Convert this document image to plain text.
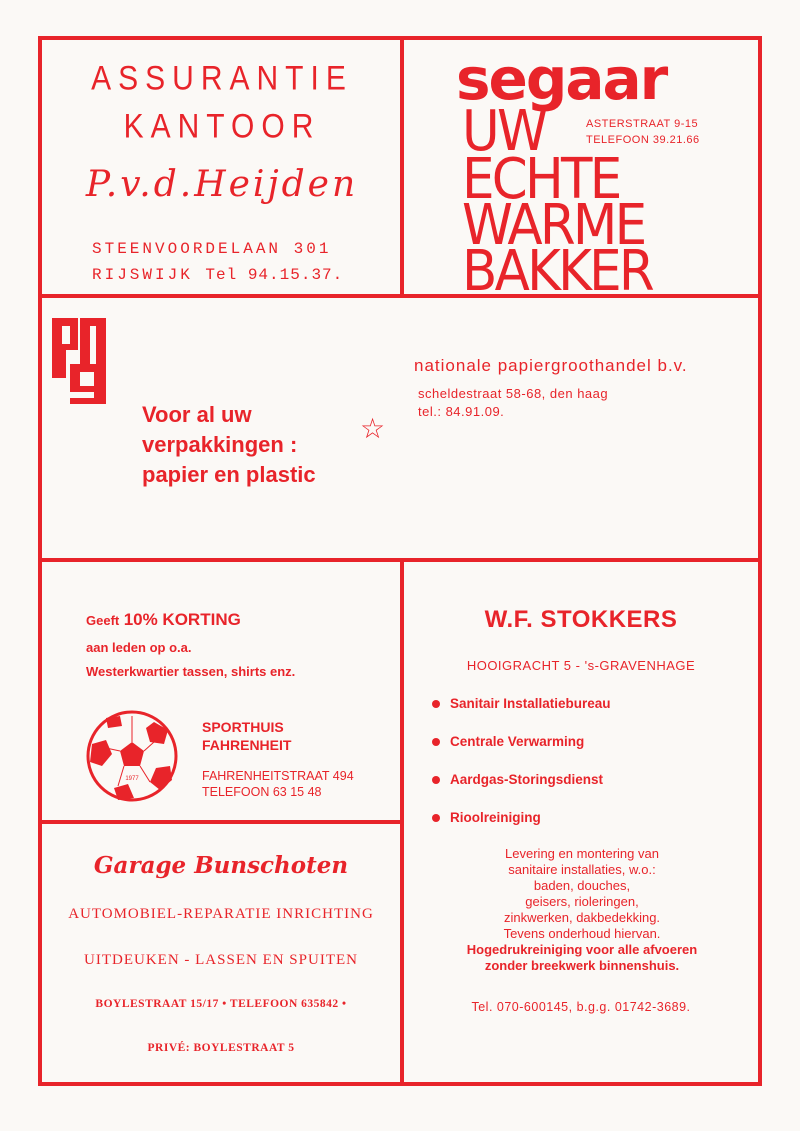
ASSURANTIE
KANTOOR
P.v.d.Heijden
STEENVOORDELAAN 301
RIJSWIJK Tel 94.15.37.
segaar
UW	ASTERSTRAAT 9-15
TELEFOON 39.21.66
ECHTE
WARME
BAKKER
Voor al uw
verpakkingen :
papier en plastic
☆
nationale papiergroothandel b.v.
scheldestraat 58-68, den haag
tel.: 84.91.09.
Geeft 10% KORTING
aan leden op o.a.
Westerkwartier tassen, shirts enz.
1977
SPORTHUIS
FAHRENHEIT
FAHRENHEITSTRAAT 494
TELEFOON 63 15 48
W.F. STOKKERS
HOOIGRACHT 5 - 's-GRAVENHAGE
Sanitair Installatiebureau
Centrale Verwarming
Aardgas-Storingsdienst
Rioolreiniging
Levering en montering van
sanitaire installaties, w.o.:
baden, douches,
geisers, rioleringen,
zinkwerken, dakbedekking.
Tevens onderhoud hiervan.
Hogedrukreiniging voor alle afvoeren
zonder breekwerk binnenshuis.
Tel. 070-600145, b.g.g. 01742-3689.
Garage Bunschoten
AUTOMOBIEL-REPARATIE INRICHTING
UITDEUKEN - LASSEN EN SPUITEN
BOYLESTRAAT 15/17 • TELEFOON 635842 •
PRIVÉ: BOYLESTRAAT 5
